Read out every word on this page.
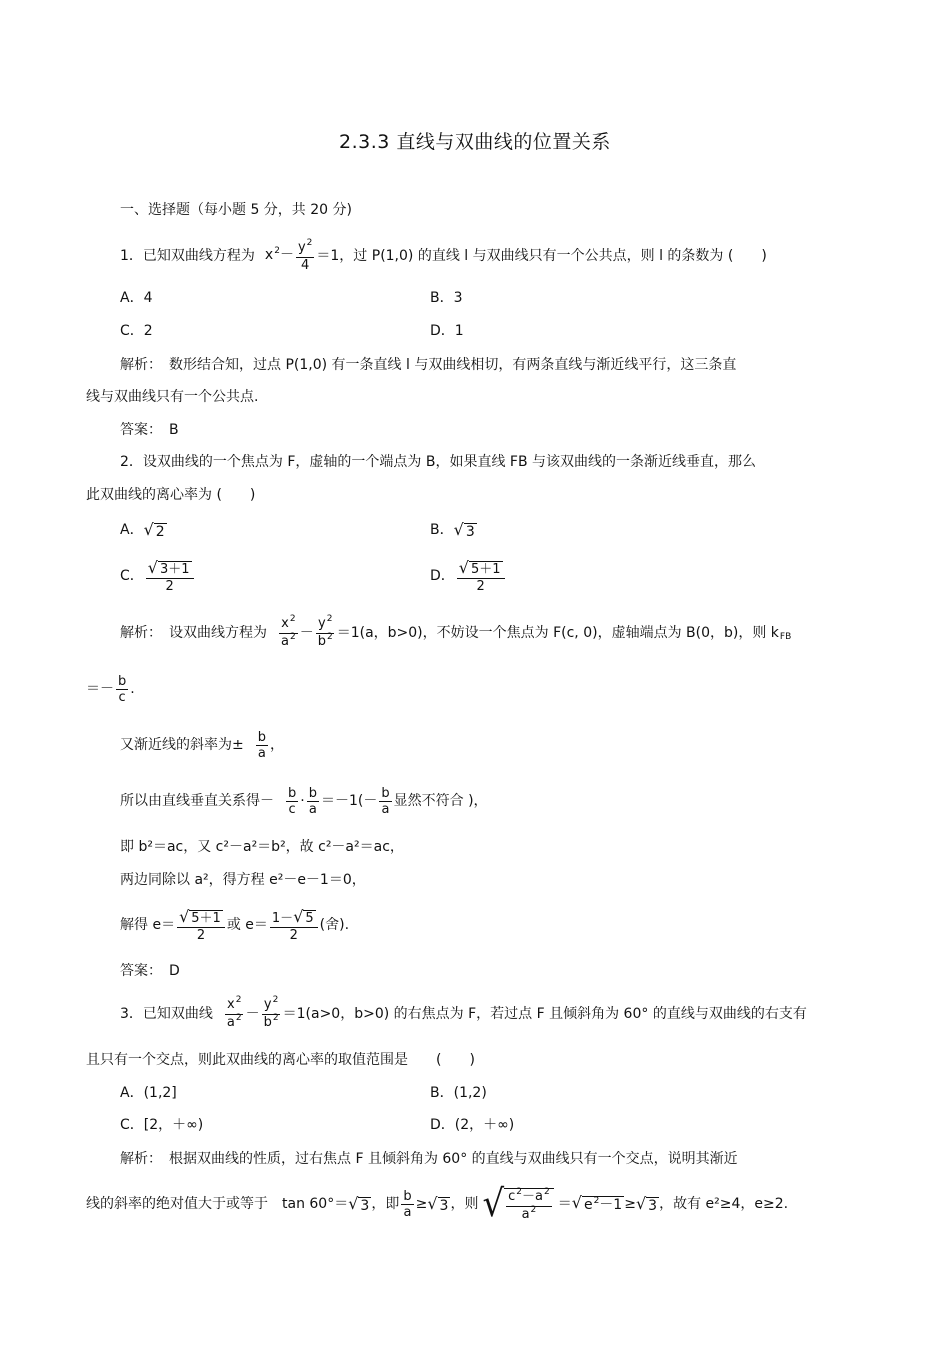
2.3.3 直线与双曲线的位置关系
一、选择题（每小题 5 分，共 20 分)
1．已知双曲线方程为 $x^2- \frac{y^2}{4} =1$，过 P(1,0) 的直线 l 与双曲线只有一个公共点，则 l 的条数为 (　　)
A．4	B．3
C．2	D．1
解析：　数形结合知，过点 P(1,0) 有一条直线 l 与双曲线相切，有两条直线与渐近线平行，这三条直
线与双曲线只有一个公共点.
答案：　B
2．设双曲线的一个焦点为 F，虚轴的一个端点为 B，如果直线 FB 与该双曲线的一条渐近线垂直，那么
此双曲线的离心率为 (　　)
A． √ 2	B． √ 3
C． $\frac{√ 3+1}{2}$	D． $\frac{√ 5+1}{2}$
解析：　设双曲线方程为 $\frac{x^2}{a^2} - \frac{y^2}{b^2} =1(a$，b>0)，不妨设一个焦点为 F(c, 0)，虚轴端点为 B(0，b)，则 k FB
＝－ $\frac{b}{c}$ .
又渐近线的斜率为± $\frac{b}{a}$ ，
所以由直线垂直关系得－ $\frac{b}{c} \cdot \frac{b}{a} =-1(- \frac{b}{a}$ 显然不符合 )，
即 b²＝ac，又 c²－a²＝b²，故 c²－a²＝ac，
两边同除以 a²，得方程 e²－e－1＝0，
解得 $e= \frac{√ 5+1}{2}$ 或 $e= \frac{1- √ 5}{2}$ (舍).
答案：　D
3．已知双曲线 $\frac{x^2}{a^2} - \frac{y^2}{b^2} =1(a>0$，b>0) 的右焦点为 F，若过点 F 且倾斜角为 60° 的直线与双曲线的右支有
且只有一个交点，则此双曲线的离心率的取值范围是　　(　　)
A．(1,2]	B．(1,2)
C．[2，＋∞)	D．(2，＋∞)
解析：　根据双曲线的性质，过右焦点 F 且倾斜角为 60° 的直线与双曲线只有一个交点，说明其渐近
线的斜率的绝对值大于或等于　tan 60°＝ √ 3 ，即 $\frac{b}{a}$ ≥ √ 3 ，则 √ $\frac{c^2-a^2}{a^2}$ ＝ √ $e^2-1$ ≥ √ 3 ， 故有 e²≥4，e≥2.
